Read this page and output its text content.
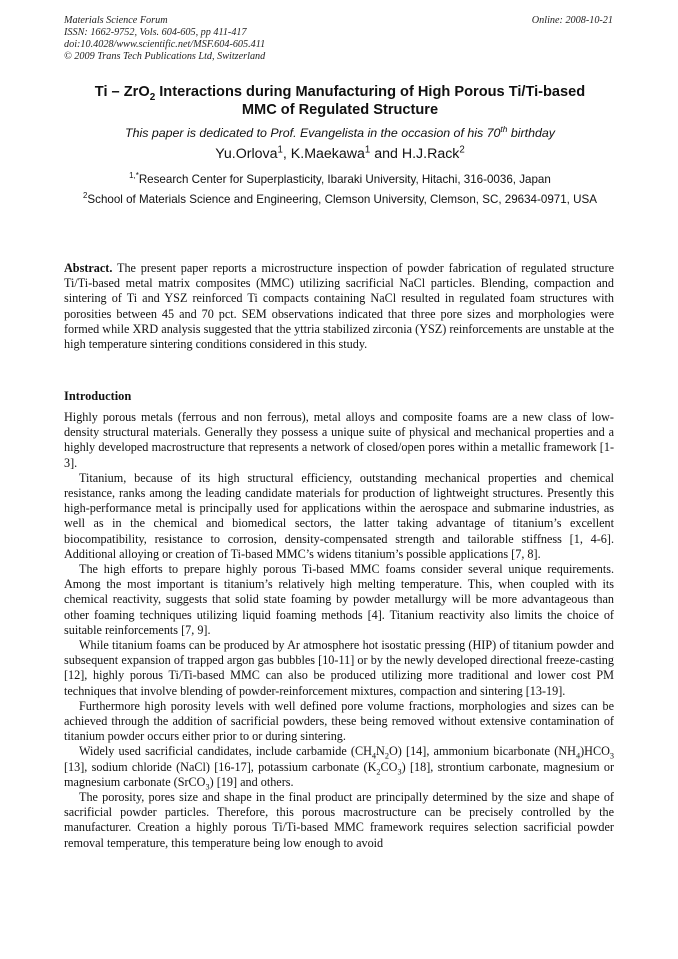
Materials Science Forum
ISSN: 1662-9752, Vols. 604-605, pp 411-417
doi:10.4028/www.scientific.net/MSF.604-605.411
© 2009 Trans Tech Publications Ltd, Switzerland
Online: 2008-10-21
Ti – ZrO$_2$ Interactions during Manufacturing of High Porous Ti/Ti-based
MMC of Regulated Structure
This paper is dedicated to Prof. Evangelista in the occasion of his 70th birthday
Yu.Orlova$^1$, K.Maekawa$^1$ and H.J.Rack$^2$
$^{1,*}$Research Center for Superplasticity, Ibaraki University, Hitachi, 316-0036, Japan
$^2$School of Materials Science and Engineering, Clemson University, Clemson, SC, 29634-0971, USA

Abstract. The present paper reports a microstructure inspection of powder fabrication of regulated structure Ti/Ti-based metal matrix composites (MMC) utilizing sacrificial NaCl particles. Blending, compaction and sintering of Ti and YSZ reinforced Ti compacts containing NaCl resulted in regulated foam structures with porosities between 45 and 70 pct. SEM observations indicated that three pore sizes and morphologies were formed while XRD analysis suggested that the yttria stabilized zirconia (YSZ) reinforcements are unstable at the high temperature sintering conditions considered in this study.

Introduction

Highly porous metals (ferrous and non ferrous), metal alloys and composite foams are a new class of low-density structural materials. Generally they possess a unique suite of physical and mechanical properties and a highly developed macrostructure that represents a network of closed/open pores within a metallic framework [1-3].

Titanium, because of its high structural efficiency, outstanding mechanical properties and chemical resistance, ranks among the leading candidate materials for production of lightweight structures. Presently this high-performance metal is principally used for applications within the aerospace and submarine industries, as well as in the chemical and biomedical sectors, the latter taking advantage of titanium’s excellent biocompatibility, resistance to corrosion, density-compensated strength and tailorable stiffness [1, 4-6]. Additional alloying or creation of Ti-based MMC’s widens titanium’s possible applications [7, 8].

The high efforts to prepare highly porous Ti-based MMC foams consider several unique requirements. Among the most important is titanium’s relatively high melting temperature. This, when coupled with its chemical reactivity, suggests that solid state foaming by powder metallurgy will be more advantageous than other foaming techniques utilizing liquid foaming methods [4]. Titanium reactivity also limits the choice of suitable reinforcements [7, 9].

While titanium foams can be produced by Ar atmosphere hot isostatic pressing (HIP) of titanium powder and subsequent expansion of trapped argon gas bubbles [10-11] or by the newly developed directional freeze-casting [12], highly porous Ti/Ti-based MMC can also be produced utilizing more traditional and lower cost PM techniques that involve blending of powder-reinforcement mixtures, compaction and sintering [13-19].

Furthermore high porosity levels with well defined pore volume fractions, morphologies and sizes can be achieved through the addition of sacrificial powders, these being removed without extensive contamination of titanium powder occurs either prior to or during sintering.

Widely used sacrificial candidates, include carbamide $(CH_4N_2O)$ [14], ammonium bicarbonate $(NH_4)HCO_3$ [13], sodium chloride (NaCl) [16-17], potassium carbonate $(K_2CO_3)$ [18], strontium carbonate, magnesium or magnesium carbonate (SrCO$_3$) [19] and others.

The porosity, pores size and shape in the final product are principally determined by the size and shape of sacrificial powder particles. Therefore, this porous macrostructure can be precisely controlled by the manufacturer. Creation a highly porous Ti/Ti-based MMC framework requires selection sacrificial powder removal temperature, this temperature being low enough to avoid
